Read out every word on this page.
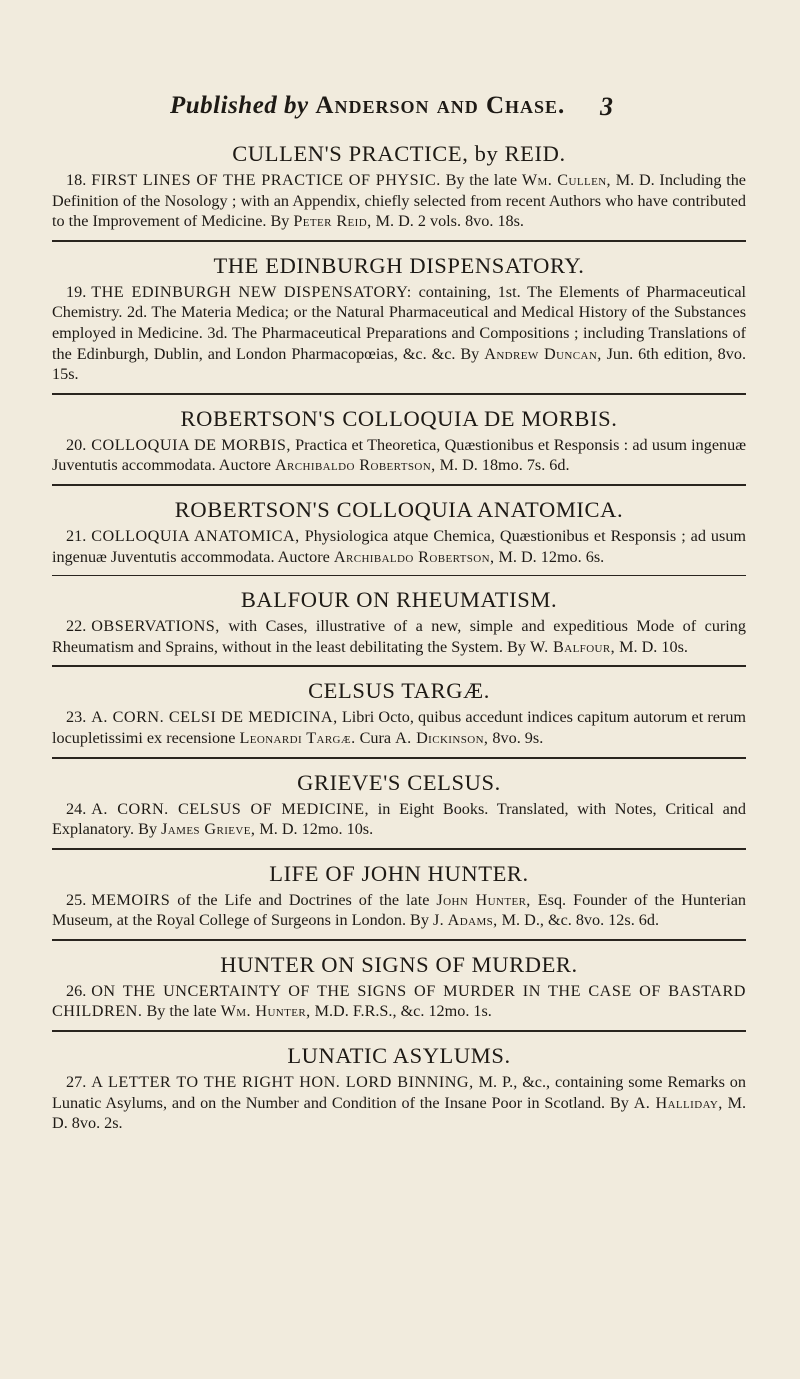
Published by Anderson and Chase.	3
CULLEN'S PRACTICE, by REID.

18. FIRST LINES OF THE PRACTICE OF PHYSIC. By the late Wm. Cullen, M. D. Including the Definition of the Nosology ; with an Appendix, chiefly selected from recent Authors who have contributed to the Improvement of Medicine. By Peter Reid, M. D. 2 vols. 8vo. 18s.

THE EDINBURGH DISPENSATORY.

19. THE EDINBURGH NEW DISPENSATORY: containing, 1st. The Elements of Pharmaceutical Chemistry. 2d. The Materia Medica; or the Natural Pharmaceutical and Medical History of the Substances employed in Medicine. 3d. The Pharmaceutical Preparations and Compositions ; including Translations of the Edinburgh, Dublin, and London Pharmacopœias, &c. &c. By Andrew Duncan, Jun. 6th edition, 8vo. 15s.

ROBERTSON'S COLLOQUIA DE MORBIS.

20. COLLOQUIA DE MORBIS, Practica et Theoretica, Quæstionibus et Responsis : ad usum ingenuæ Juventutis accommodata. Auctore Archibaldo Robertson, M. D. 18mo. 7s. 6d.

ROBERTSON'S COLLOQUIA ANATOMICA.

21. COLLOQUIA ANATOMICA, Physiologica atque Chemica, Quæstionibus et Responsis ; ad usum ingenuæ Juventutis accommodata. Auctore Archibaldo Robertson, M. D. 12mo. 6s.

BALFOUR ON RHEUMATISM.

22. OBSERVATIONS, with Cases, illustrative of a new, simple and expeditious Mode of curing Rheumatism and Sprains, without in the least debilitating the System. By W. Balfour, M. D. 10s.

CELSUS TARGÆ.

23. A. CORN. CELSI DE MEDICINA, Libri Octo, quibus accedunt indices capitum autorum et rerum locupletissimi ex recensione Leonardi Targæ. Cura A. Dickinson, 8vo. 9s.

GRIEVE'S CELSUS.

24. A. CORN. CELSUS OF MEDICINE, in Eight Books. Translated, with Notes, Critical and Explanatory. By James Grieve, M. D. 12mo. 10s.

LIFE OF JOHN HUNTER.

25. MEMOIRS of the Life and Doctrines of the late John Hunter, Esq. Founder of the Hunterian Museum, at the Royal College of Surgeons in London. By J. Adams, M. D., &c. 8vo. 12s. 6d.

HUNTER ON SIGNS OF MURDER.

26. ON THE UNCERTAINTY OF THE SIGNS OF MURDER IN THE CASE OF BASTARD CHILDREN. By the late Wm. Hunter, M.D. F.R.S., &c. 12mo. 1s.

LUNATIC ASYLUMS.

27. A LETTER TO THE RIGHT HON. LORD BINNING, M. P., &c., containing some Remarks on Lunatic Asylums, and on the Number and Condition of the Insane Poor in Scotland. By A. Halliday, M. D. 8vo. 2s.
